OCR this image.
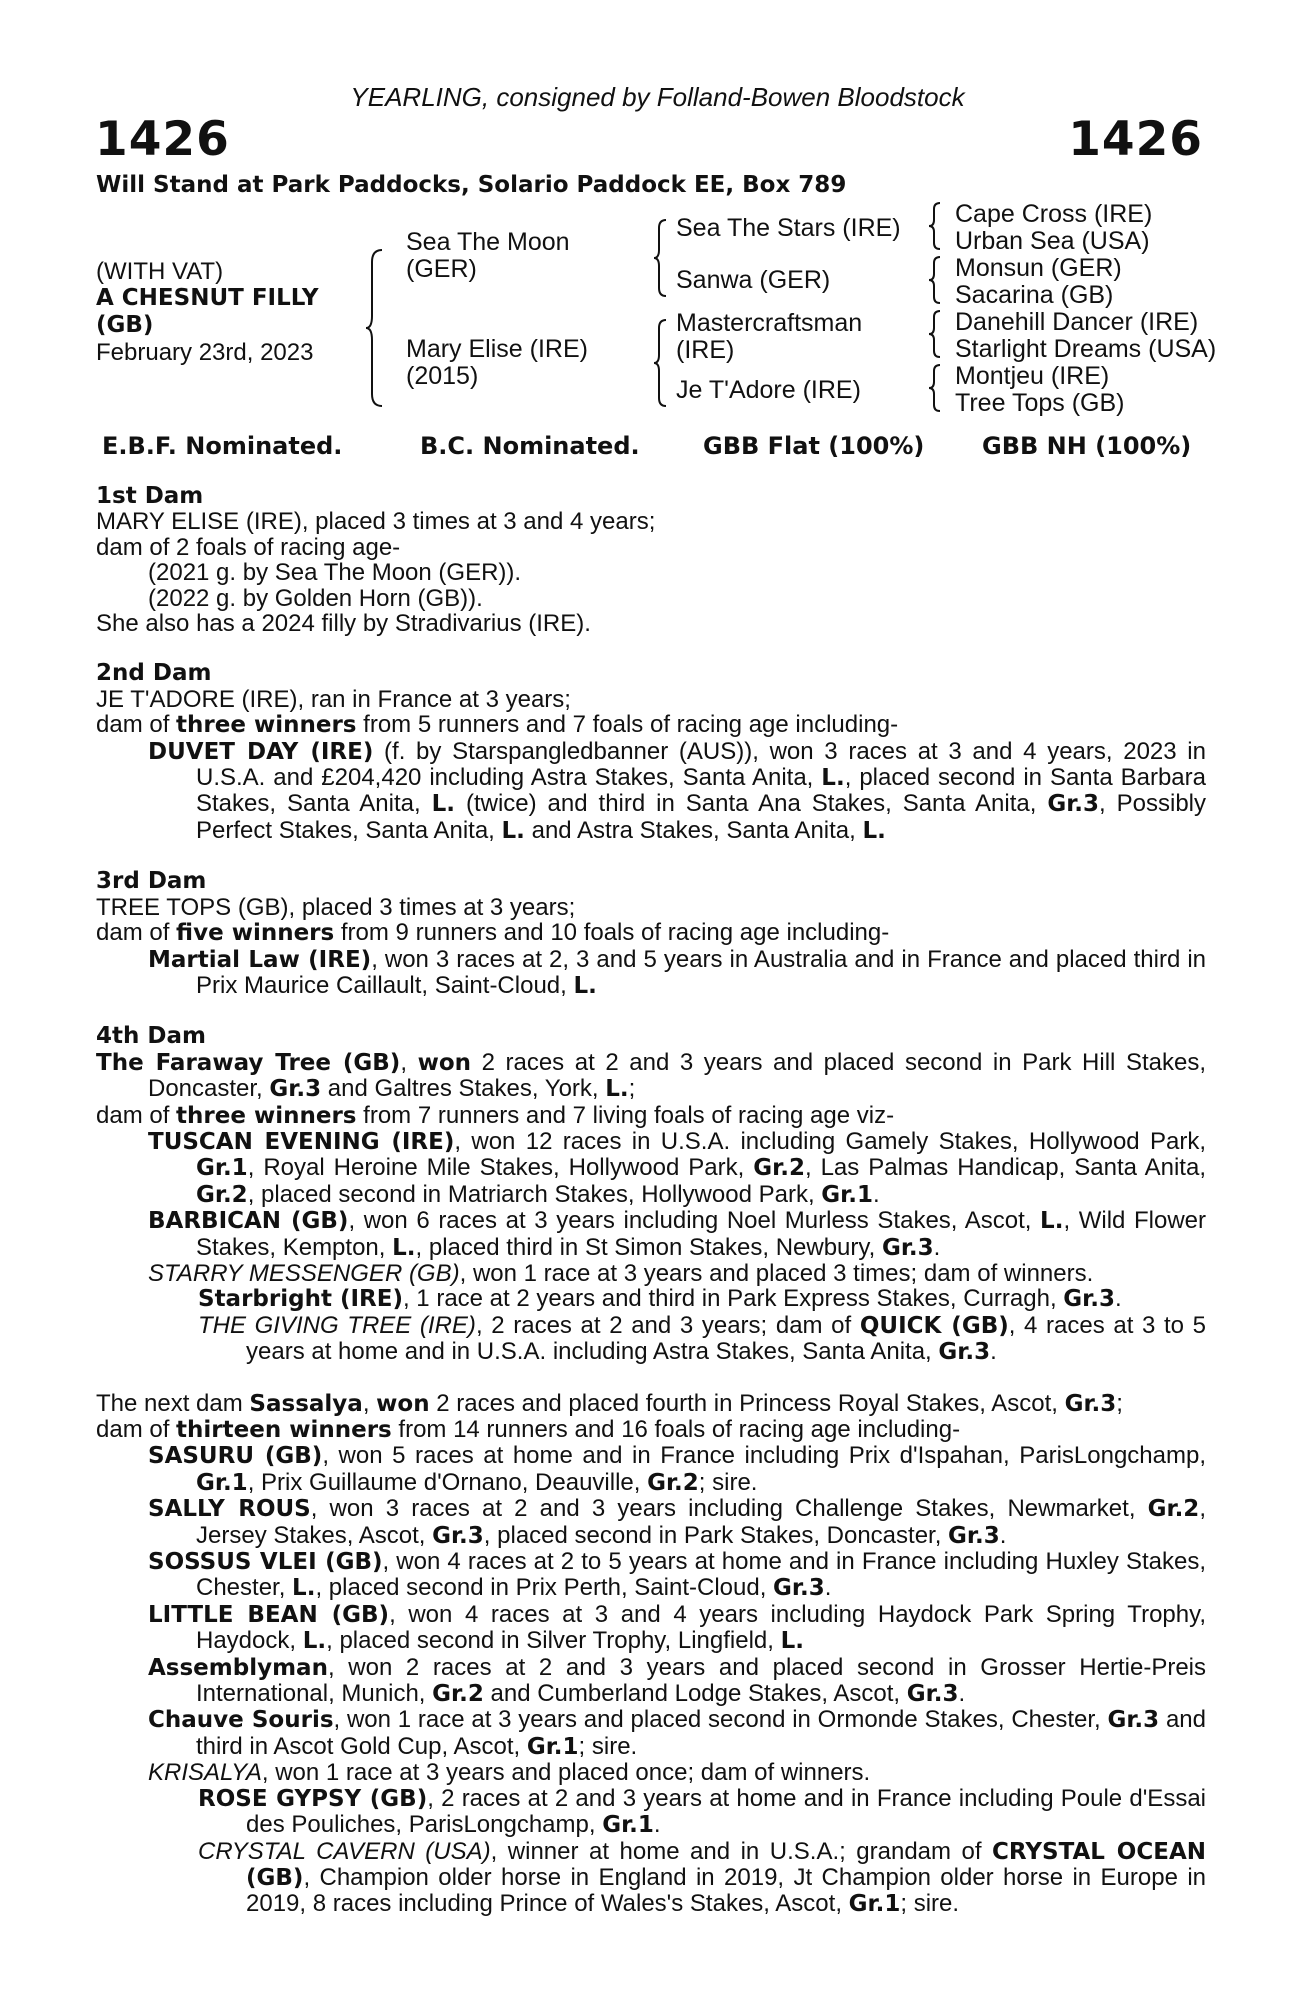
YEARLING, consigned by Folland-Bowen Bloodstock
1426	1426
Will Stand at Park Paddocks, Solario Paddock EE, Box 789
(WITH VAT)
A CHESNUT FILLY
(GB)
February 23rd, 2023
Sea The Moon
(GER)
Mary Elise (IRE)
(2015)
Sea The Stars (IRE)
Sanwa (GER)
Mastercraftsman
(IRE)
Je T'Adore (IRE)
Cape Cross (IRE)
Urban Sea (USA)
Monsun (GER)
Sacarina (GB)
Danehill Dancer (IRE)
Starlight Dreams (USA)
Montjeu (IRE)
Tree Tops (GB)
E.B.F. Nominated.	B.C. Nominated.	GBB Flat (100%) GBB NH (100%)

1st Dam

MARY ELISE (IRE), placed 3 times at 3 and 4 years;

dam of 2 foals of racing age-

(2021 g. by Sea The Moon (GER)).

(2022 g. by Golden Horn (GB)).

She also has a 2024 filly by Stradivarius (IRE).

2nd Dam

JE T'ADORE (IRE), ran in France at 3 years;

dam of three winners from 5 runners and 7 foals of racing age including-

DUVET DAY (IRE) (f. by Starspangledbanner (AUS)), won 3 races at 3 and 4 years, 2023 in U.S.A. and £204,420 including Astra Stakes, Santa Anita, L., placed second in Santa Barbara Stakes, Santa Anita, L. (twice) and third in Santa Ana Stakes, Santa Anita, Gr.3, Possibly Perfect Stakes, Santa Anita, L. and Astra Stakes, Santa Anita, L.

3rd Dam

TREE TOPS (GB), placed 3 times at 3 years;

dam of five winners from 9 runners and 10 foals of racing age including-

Martial Law (IRE), won 3 races at 2, 3 and 5 years in Australia and in France and placed third in Prix Maurice Caillault, Saint-Cloud, L.

4th Dam

The Faraway Tree (GB), won 2 races at 2 and 3 years and placed second in Park Hill Stakes, Doncaster, Gr.3 and Galtres Stakes, York, L.;

dam of three winners from 7 runners and 7 living foals of racing age viz-

TUSCAN EVENING (IRE), won 12 races in U.S.A. including Gamely Stakes, Hollywood Park, Gr.1, Royal Heroine Mile Stakes, Hollywood Park, Gr.2, Las Palmas Handicap, Santa Anita, Gr.2, placed second in Matriarch Stakes, Hollywood Park, Gr.1.

BARBICAN (GB), won 6 races at 3 years including Noel Murless Stakes, Ascot, L., Wild Flower Stakes, Kempton, L., placed third in St Simon Stakes, Newbury, Gr.3.

STARRY MESSENGER (GB), won 1 race at 3 years and placed 3 times; dam of winners.

Starbright (IRE), 1 race at 2 years and third in Park Express Stakes, Curragh, Gr.3.

THE GIVING TREE (IRE), 2 races at 2 and 3 years; dam of QUICK (GB), 4 races at 3 to 5 years at home and in U.S.A. including Astra Stakes, Santa Anita, Gr.3.

The next dam Sassalya, won 2 races and placed fourth in Princess Royal Stakes, Ascot, Gr.3;

dam of thirteen winners from 14 runners and 16 foals of racing age including-

SASURU (GB), won 5 races at home and in France including Prix d'Ispahan, ParisLongchamp, Gr.1, Prix Guillaume d'Ornano, Deauville, Gr.2; sire.

SALLY ROUS, won 3 races at 2 and 3 years including Challenge Stakes, Newmarket, Gr.2, Jersey Stakes, Ascot, Gr.3, placed second in Park Stakes, Doncaster, Gr.3.

SOSSUS VLEI (GB), won 4 races at 2 to 5 years at home and in France including Huxley Stakes, Chester, L., placed second in Prix Perth, Saint-Cloud, Gr.3.

LITTLE BEAN (GB), won 4 races at 3 and 4 years including Haydock Park Spring Trophy, Haydock, L., placed second in Silver Trophy, Lingfield, L.

Assemblyman, won 2 races at 2 and 3 years and placed second in Grosser Hertie-Preis International, Munich, Gr.2 and Cumberland Lodge Stakes, Ascot, Gr.3.

Chauve Souris, won 1 race at 3 years and placed second in Ormonde Stakes, Chester, Gr.3 and third in Ascot Gold Cup, Ascot, Gr.1; sire.

KRISALYA, won 1 race at 3 years and placed once; dam of winners.

ROSE GYPSY (GB), 2 races at 2 and 3 years at home and in France including Poule d'Essai des Pouliches, ParisLongchamp, Gr.1.

CRYSTAL CAVERN (USA), winner at home and in U.S.A.; grandam of CRYSTAL OCEAN (GB), Champion older horse in England in 2019, Jt Champion older horse in Europe in 2019, 8 races including Prince of Wales's Stakes, Ascot, Gr.1; sire.
